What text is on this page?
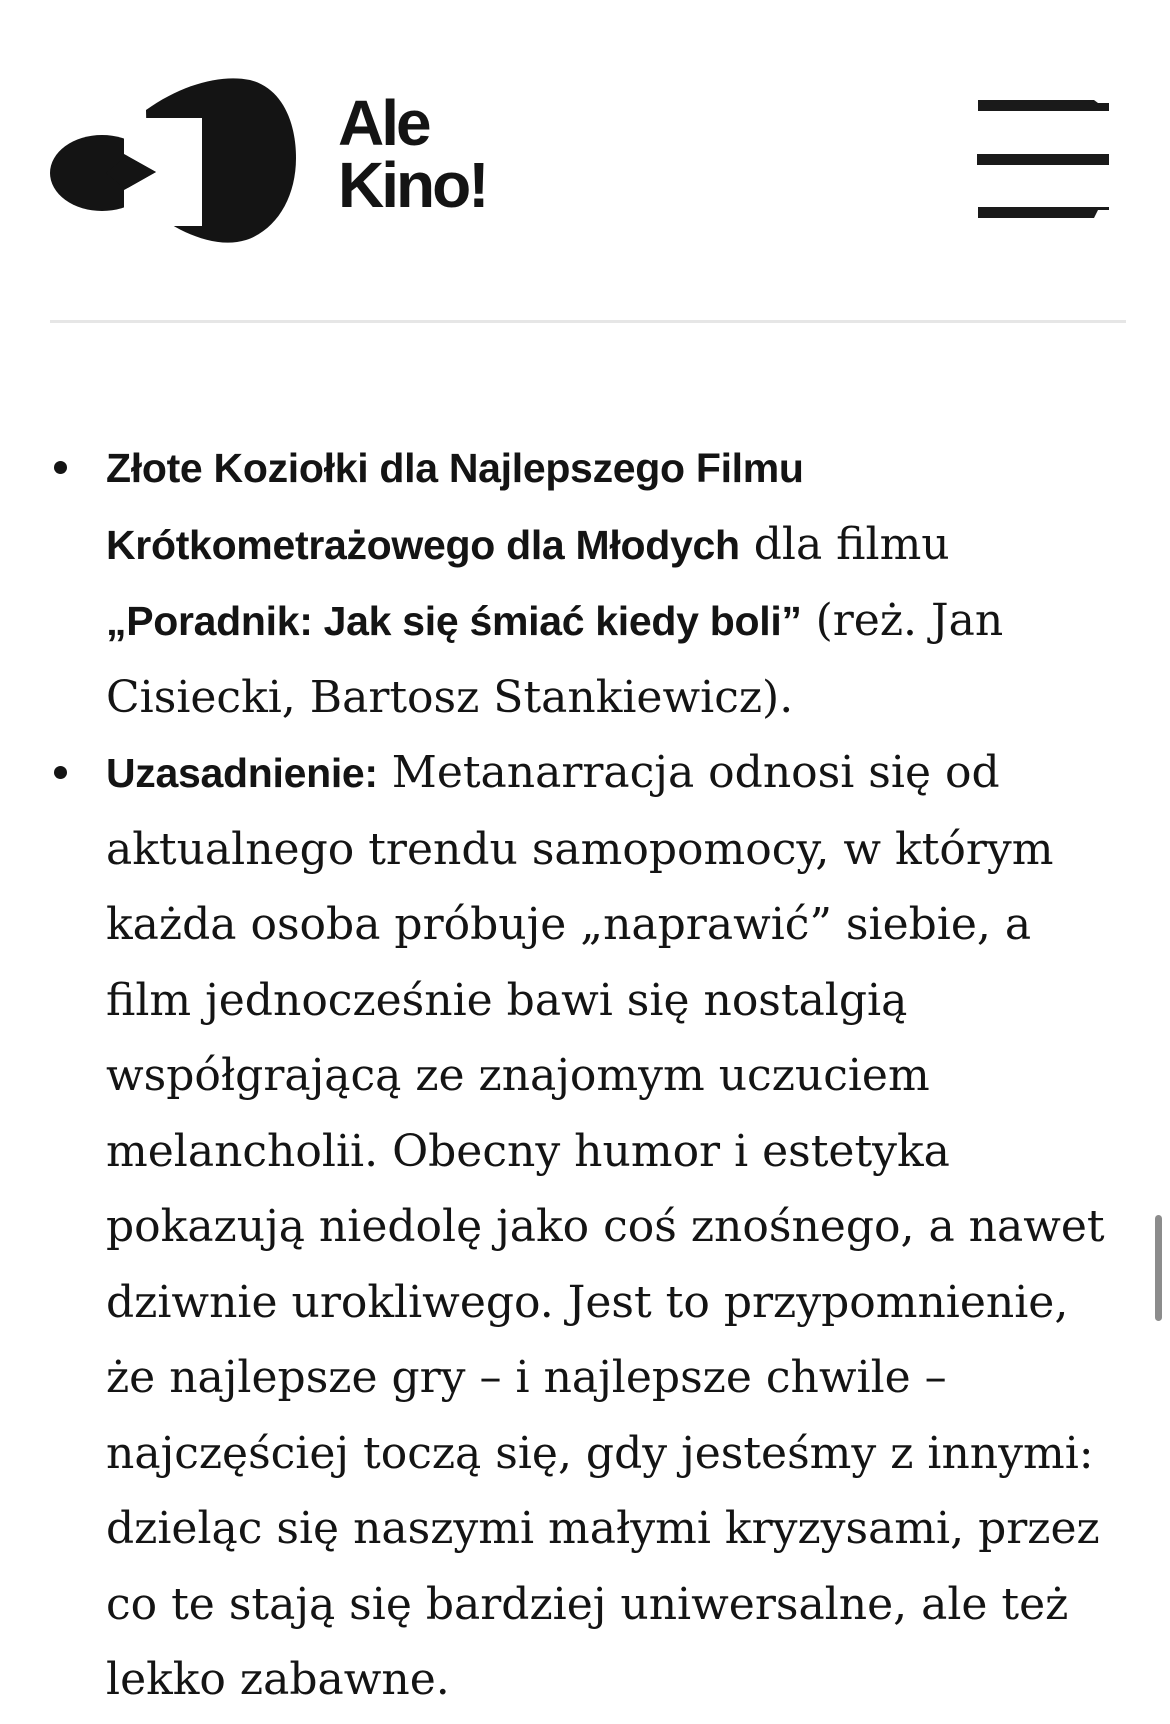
Ale
Kino!
Złote Koziołki dla Najlepszego Filmu Krótkometrażowego dla Młodych dla filmu „Poradnik: Jak się śmiać kiedy boli” (reż. Jan Cisiecki, Bartosz Stankiewicz).
Uzasadnienie: Metanarracja odnosi się od aktualnego trendu samopomocy, w którym każda osoba próbuje „naprawić” siebie, a film jednocześnie bawi się nostalgią współgrającą ze znajomym uczuciem melancholii. Obecny humor i estetyka pokazują niedolę jako coś znośnego, a nawet dziwnie urokliwego. Jest to przypomnienie, że najlepsze gry – i najlepsze chwile – najczęściej toczą się, gdy jesteśmy z innymi: dzieląc się naszymi małymi kryzysami, przez co te stają się bardziej uniwersalne, ale też lekko zabawne.
